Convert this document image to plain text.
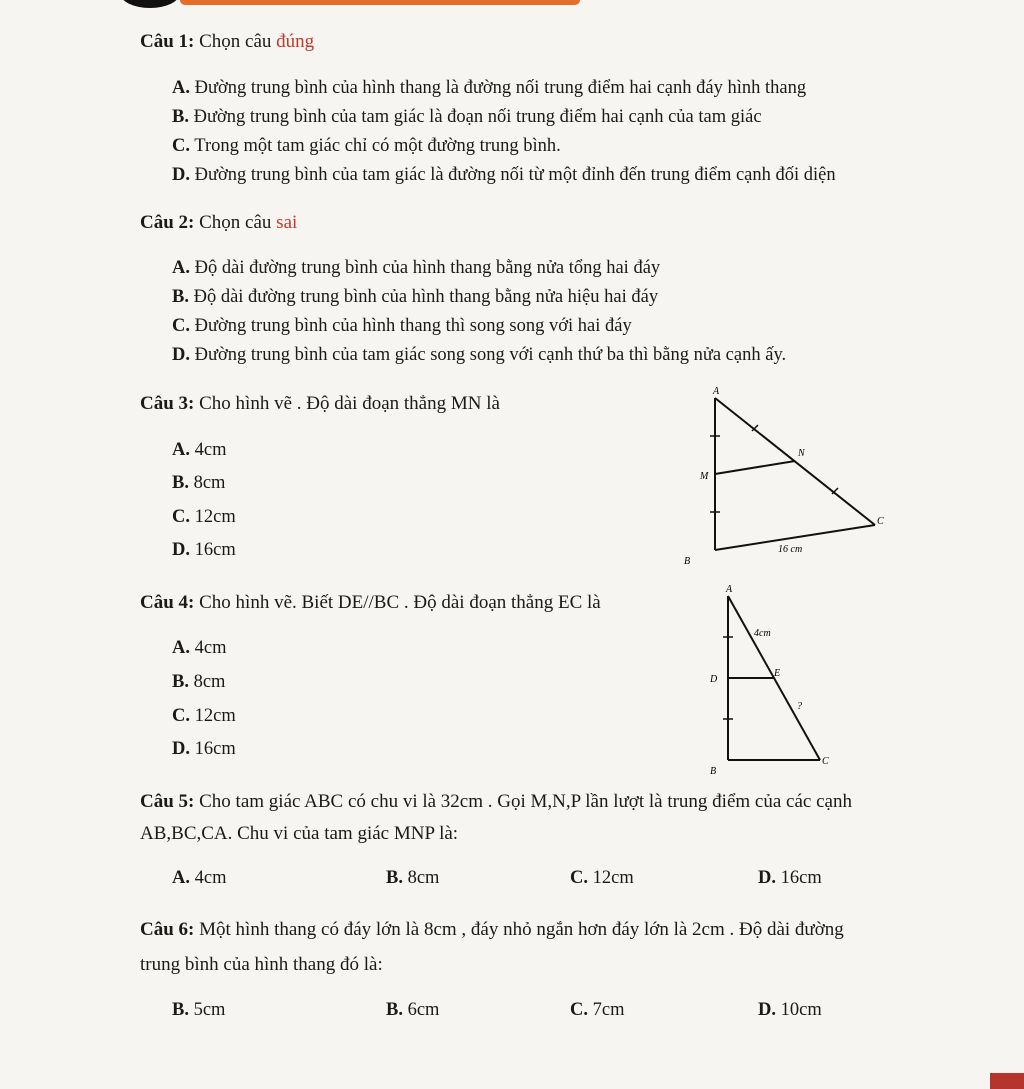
Câu 1: Chọn câu đúng
A. Đường trung bình của hình thang là đường nối trung điểm hai cạnh đáy hình thang
B. Đường trung bình của tam giác là đoạn nối trung điểm hai cạnh của tam giác
C. Trong một tam giác chỉ có một đường trung bình.
D. Đường trung bình của tam giác là đường nối từ một đỉnh đến trung điểm cạnh đối diện
Câu 2: Chọn câu sai
A. Độ dài đường trung bình của hình thang bằng nửa tổng hai đáy
B. Độ dài đường trung bình của hình thang bằng nửa hiệu hai đáy
C. Đường trung bình của hình thang thì song song với hai đáy
D. Đường trung bình của tam giác song song với cạnh thứ ba thì bằng nửa cạnh ấy.
Câu 3: Cho hình vẽ . Độ dài đoạn thẳng MN là
A. 4cm
B. 8cm
C. 12cm
D. 16cm
A
M
N
C
B
16 cm
Câu 4: Cho hình vẽ. Biết DE//BC . Độ dài đoạn thẳng EC là
A. 4cm
B. 8cm
C. 12cm
D. 16cm
A
D
E
C
B
4cm
?
Câu 5: Cho tam giác ABC có chu vi là 32cm . Gọi M,N,P lần lượt là trung điểm của các cạnh
AB,BC,CA. Chu vi của tam giác MNP là:
A. 4cm	B. 8cm	C. 12cm	D. 16cm
Câu 6: Một hình thang có đáy lớn là 8cm , đáy nhỏ ngắn hơn đáy lớn là 2cm . Độ dài đường
trung bình của hình thang đó là:
B. 5cm	B. 6cm	C. 7cm	D. 10cm
